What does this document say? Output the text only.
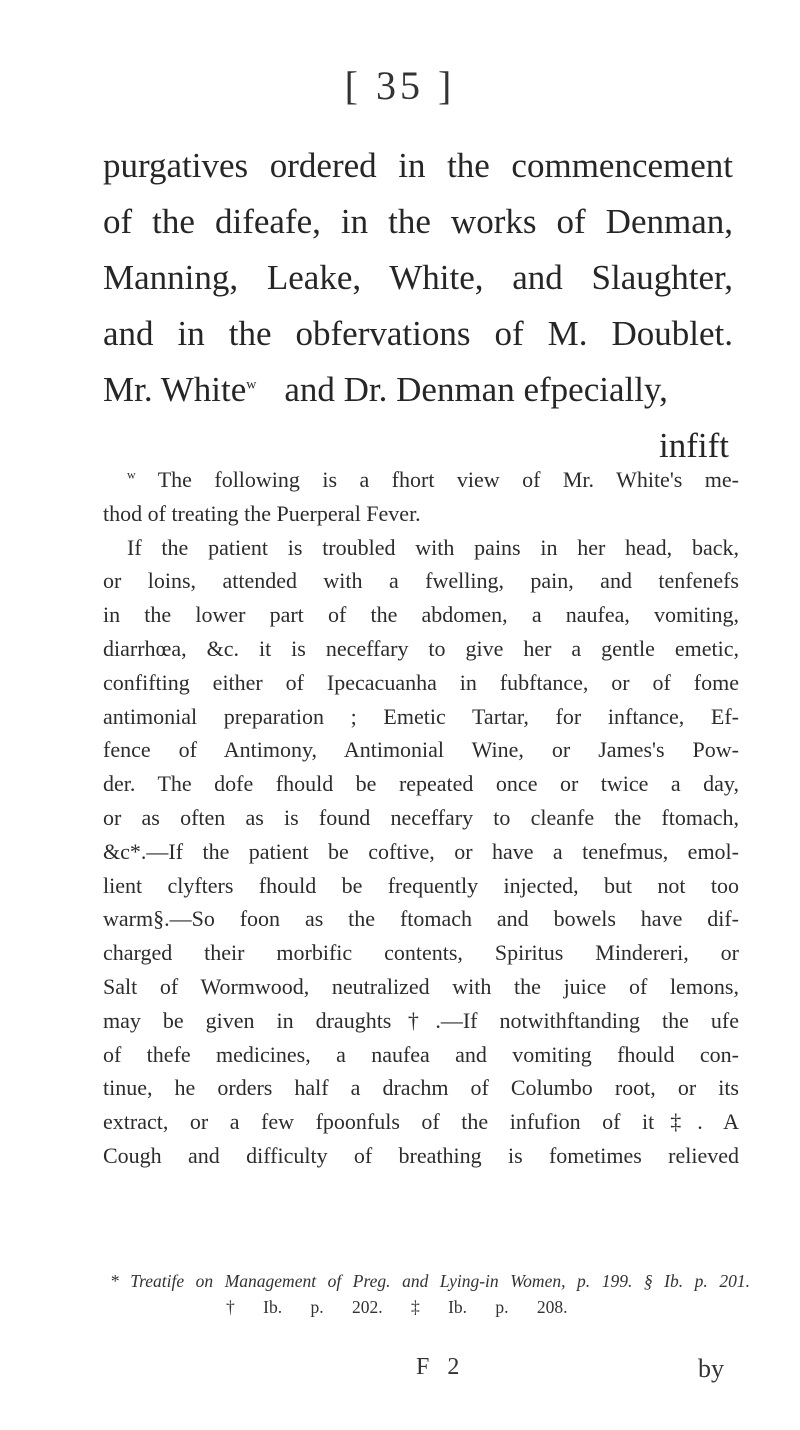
[ 35 ]
purgatives ordered in the commencement
of the difeafe, in the works of Denman,
Manning, Leake, White, and Slaughter,
and in the obfervations of M. Doublet.
Mr. White$^w$ and Dr. Denman efpecially,
infift
$^w$ The following is a fhort view of Mr. White's me-
thod of treating the Puerperal Fever.
If the patient is troubled with pains in her head, back,
or loins, attended with a fwelling, pain, and tenfenefs
in the lower part of the abdomen, a naufea, vomiting,
diarrhœa, &c. it is neceffary to give her a gentle emetic,
confifting either of Ipecacuanha in fubftance, or of fome
antimonial preparation ; Emetic Tartar, for inftance, Ef-
fence of Antimony, Antimonial Wine, or James's Pow-
der. The dofe fhould be repeated once or twice a day,
or as often as is found neceffary to cleanfe the ftomach,
&c*.—If the patient be coftive, or have a tenefmus, emol-
lient clyfters fhould be frequently injected, but not too
warm§.—So foon as the ftomach and bowels have dif-
charged their morbific contents, Spiritus Mindereri, or
Salt of Wormwood, neutralized with the juice of lemons,
may be given in draughts†.—If notwithftanding the ufe
of thefe medicines, a naufea and vomiting fhould con-
tinue, he orders half a drachm of Columbo root, or its
extract, or a few fpoonfuls of the infufion of it‡. A
Cough and difficulty of breathing is fometimes relieved
* Treatife on Management of Preg. and Lying-in Women, p. 199. § Ib. p. 201.
† Ib. p. 202. ‡ Ib. p. 208.
F 2	by
